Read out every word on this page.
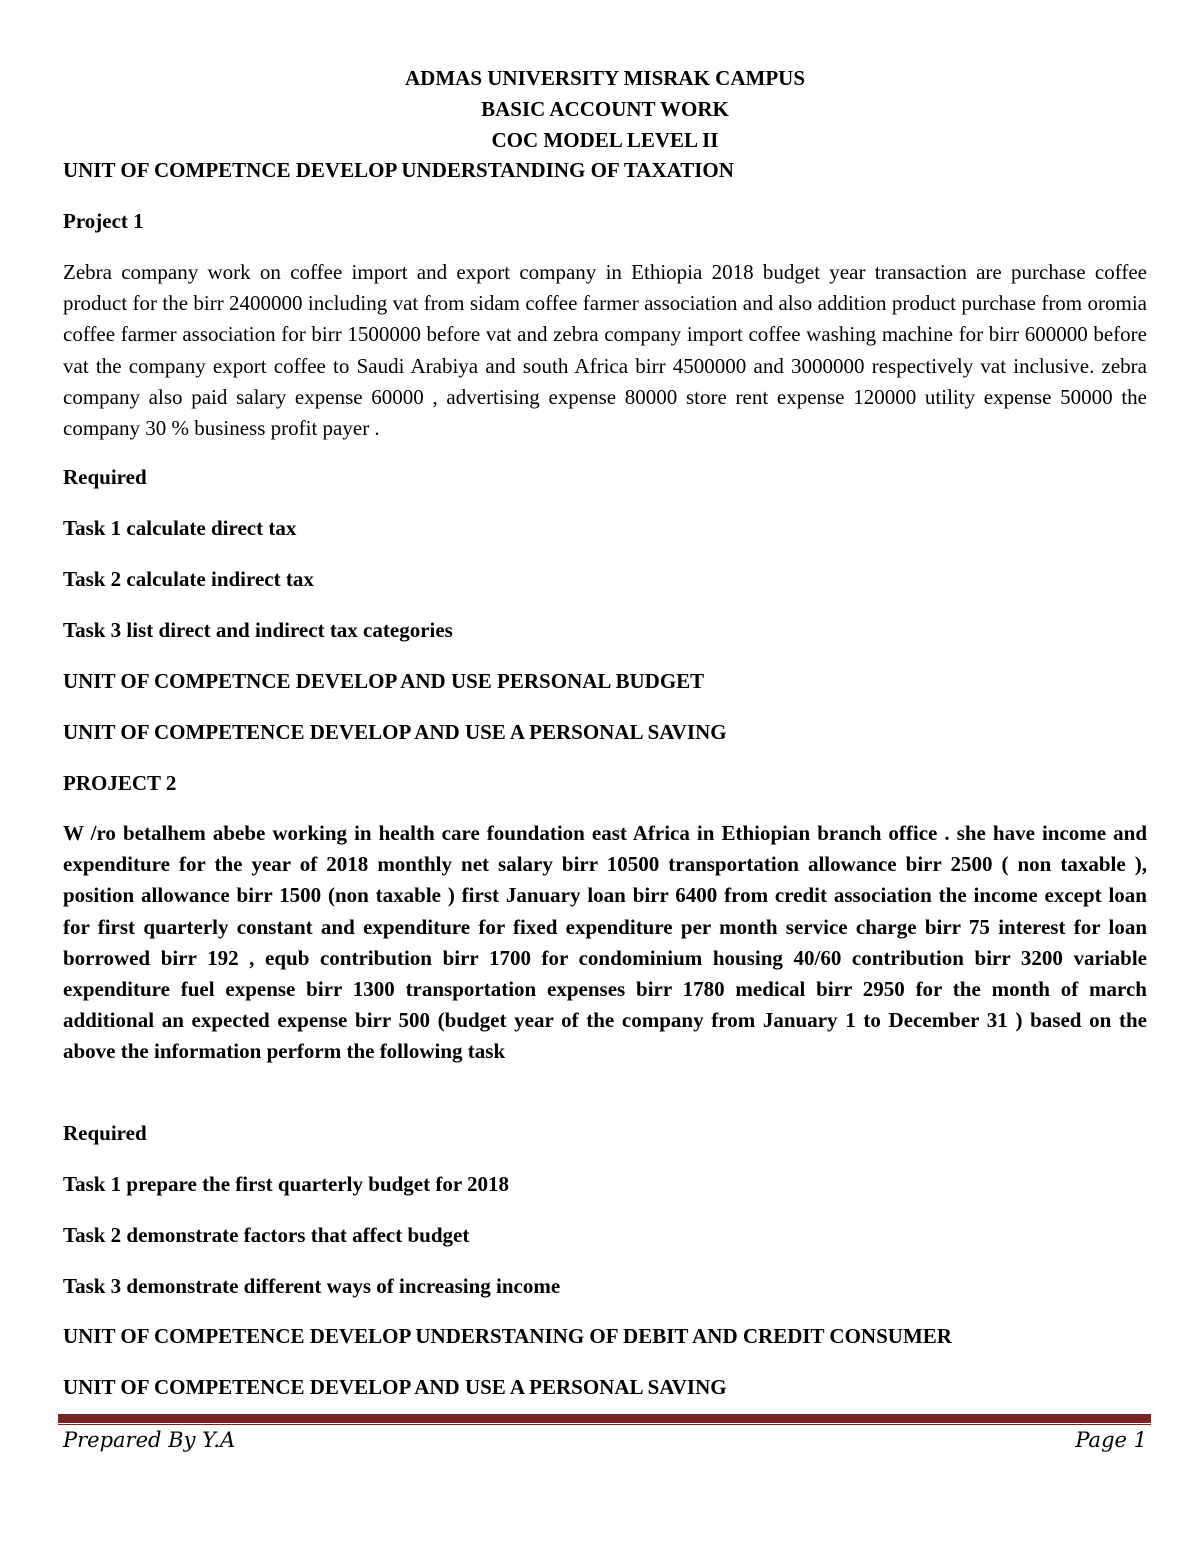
ADMAS UNIVERSITY MISRAK CAMPUS
BASIC ACCOUNT WORK
COC MODEL LEVEL II
UNIT OF COMPETNCE DEVELOP UNDERSTANDING OF TAXATION
Project 1
Zebra company work on coffee import and export company in Ethiopia 2018 budget year transaction are purchase coffee product for the birr 2400000 including vat from sidam coffee farmer association and also addition product purchase from oromia coffee farmer association for birr 1500000 before vat and zebra company import coffee washing machine for birr 600000 before vat the company export coffee to Saudi Arabiya and south Africa birr 4500000 and 3000000 respectively vat inclusive. zebra company also paid salary expense 60000 , advertising expense 80000 store rent expense 120000 utility expense 50000 the company 30 % business profit payer .
Required
Task 1 calculate direct tax
Task 2 calculate indirect tax
Task 3 list direct and indirect tax categories
UNIT OF COMPETNCE DEVELOP AND USE PERSONAL BUDGET
UNIT OF COMPETENCE DEVELOP AND USE A PERSONAL SAVING
PROJECT 2
W /ro betalhem abebe working in health care foundation east Africa in Ethiopian branch office . she have income and expenditure for the year of 2018 monthly net salary birr 10500 transportation allowance birr 2500 ( non taxable ), position allowance birr 1500 (non taxable ) first January loan birr 6400 from credit association the income except loan for first quarterly constant and expenditure for fixed expenditure per month service charge birr 75 interest for loan borrowed birr 192 , equb contribution birr 1700 for condominium housing 40/60 contribution birr 3200 variable expenditure fuel expense birr 1300 transportation expenses birr 1780 medical birr 2950 for the month of march additional an expected expense birr 500 (budget year of the company from January 1 to December 31 ) based on the above the information perform the following task
Required
Task 1 prepare the first quarterly budget for 2018
Task 2 demonstrate factors that affect budget
Task 3 demonstrate different ways of increasing income
UNIT OF COMPETENCE DEVELOP UNDERSTANING OF DEBIT AND CREDIT CONSUMER
UNIT OF COMPETENCE DEVELOP AND USE A PERSONAL SAVING
Prepared By Y.A	Page 1
